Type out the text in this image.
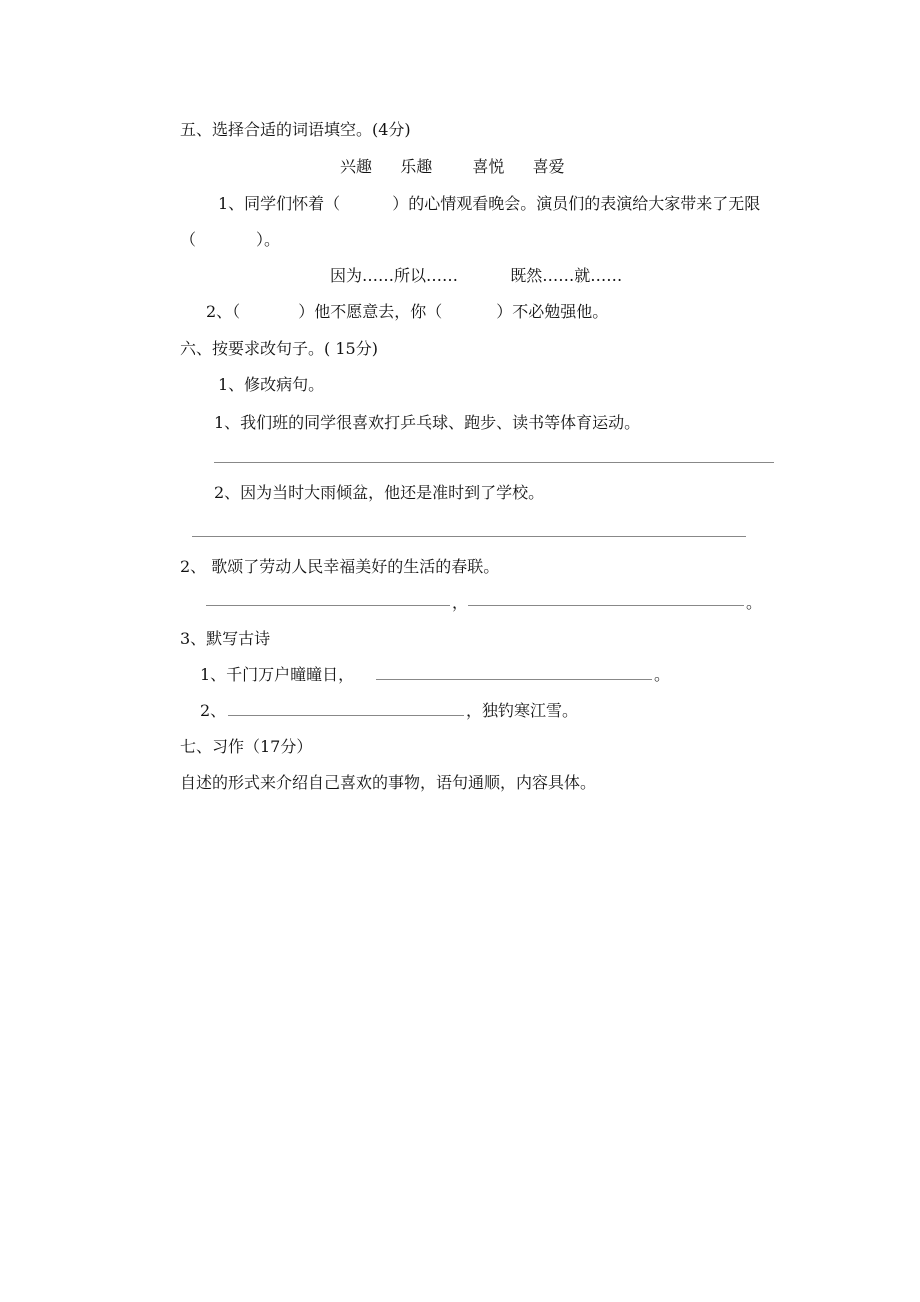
五、选择合适的词语填空。(4分)
兴趣 乐趣	喜悦 喜爱
1、同学们怀着（	）的心情观看晚会。演员们的表演给大家带来了无限
（	）。
因为……所以……	既然……就……
2、（	）他不愿意去，你（	）不必勉强他。
六、按要求改句子。( 15分)
1、修改病句。
1、我们班的同学很喜欢打乒乓球、跑步、读书等体育运动。
2、因为当时大雨倾盆，他还是准时到了学校。
2、 歌颂了劳动人民幸福美好的生活的春联。
，	。
3、默写古诗
1、千门万户曈曈日，	。
2、	，独钓寒江雪。
七、习作（17分）
自述的形式来介绍自己喜欢的事物，语句通顺，内容具体。
